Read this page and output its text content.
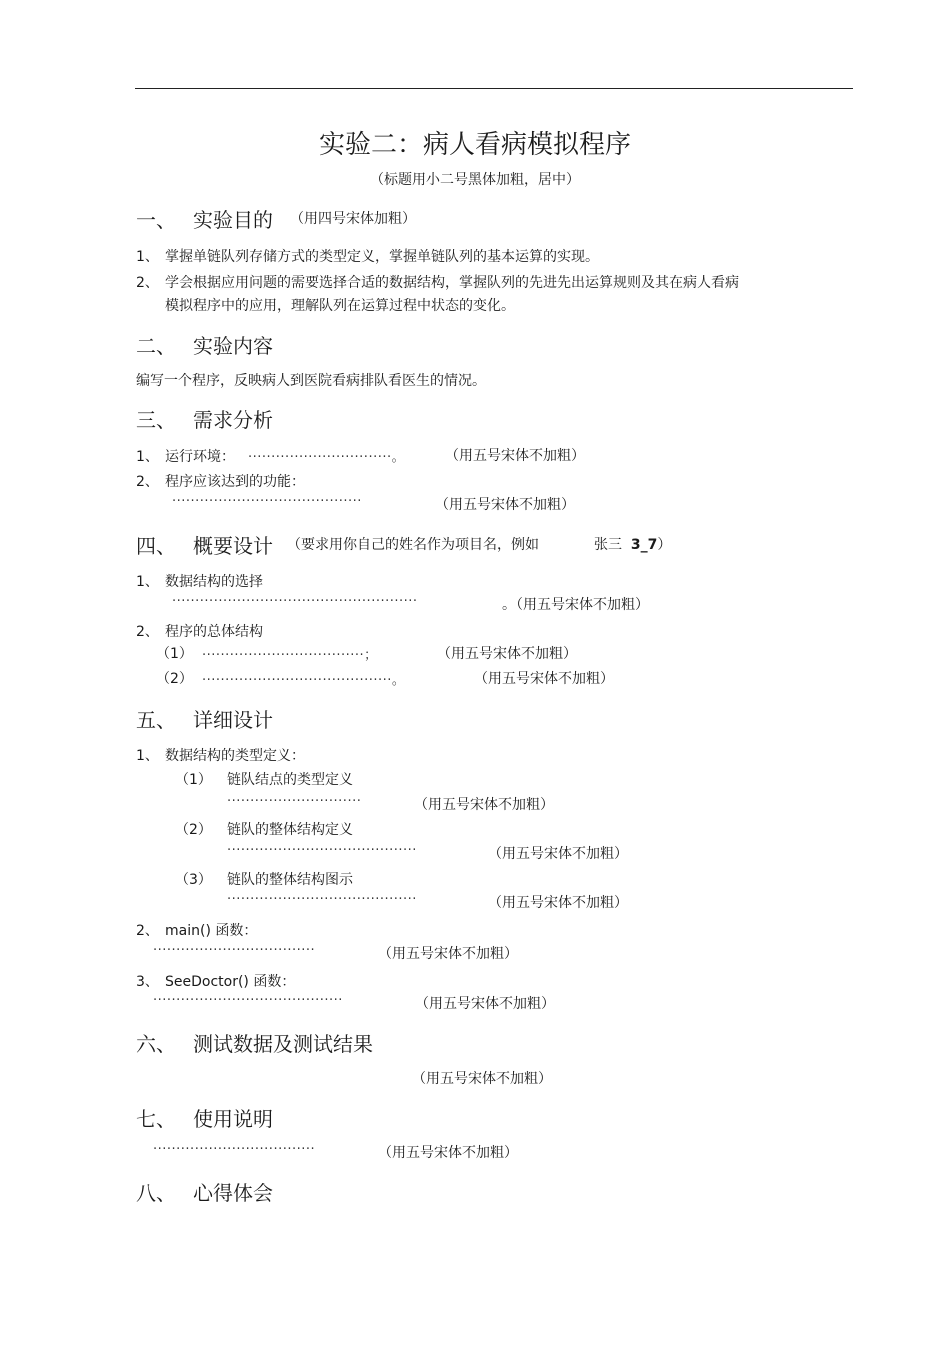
实验二：病人看病模拟程序
（标题用小二号黑体加粗，居中）
一、 实验目的 （用四号宋体加粗）
1、 掌握单链队列存储方式的类型定义，掌握单链队列的基本运算的实现。
2、 学会根据应用问题的需要选择合适的数据结构，掌握队列的先进先出运算规则及其在病人看病
模拟程序中的应用，理解队列在运算过程中状态的变化。
二、 实验内容
编写一个程序，反映病人到医院看病排队看医生的情况。
三、 需求分析
1、 运行环境： ·······························。	（用五号宋体不加粗）
2、 程序应该达到的功能：
·········································	（用五号宋体不加粗）
四、 概要设计 （要求用你自己的姓名作为项目名，例如	张三 3_7）
1、 数据结构的选择
·····················································	。（用五号宋体不加粗）
2、 程序的总体结构
（1） ···································；	（用五号宋体不加粗）
（2） ·········································。	（用五号宋体不加粗）
五、 详细设计
1、 数据结构的类型定义：
（1） 链队结点的类型定义
·····························	（用五号宋体不加粗）
（2） 链队的整体结构定义
·········································	（用五号宋体不加粗）
（3） 链队的整体结构图示
·········································	（用五号宋体不加粗）
2、 main() 函数：
···································	（用五号宋体不加粗）
3、 SeeDoctor() 函数：
·········································	（用五号宋体不加粗）
六、 测试数据及测试结果
（用五号宋体不加粗）
七、 使用说明
···································	（用五号宋体不加粗）
八、 心得体会
